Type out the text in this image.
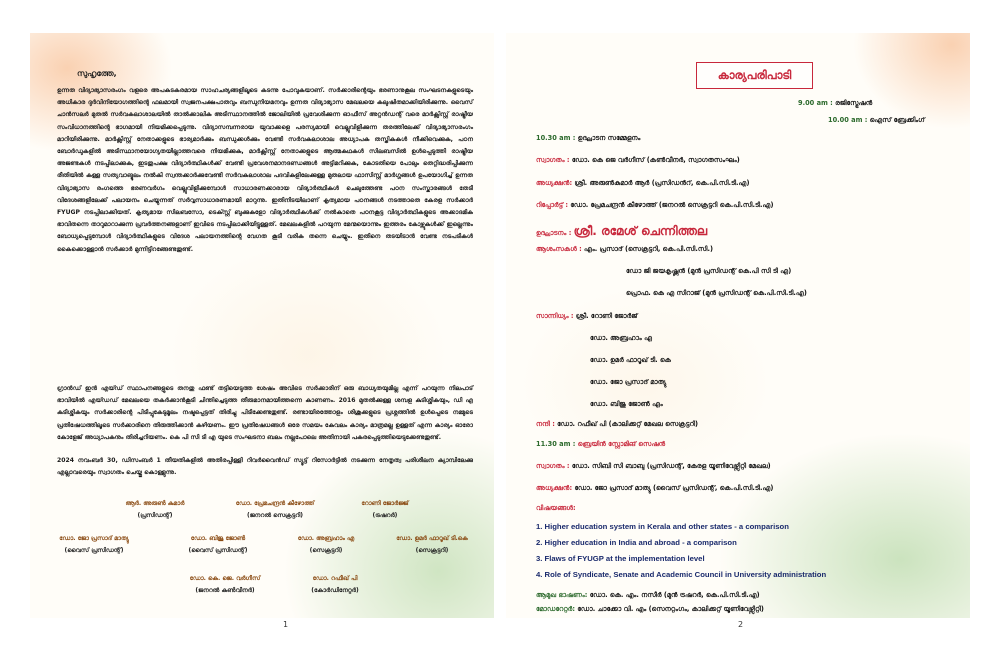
സുഹൃത്തേ,

ഉന്നത വിദ്യാഭ്യാസരംഗം വളരെ അപകടകരമായ സാഹചര്യങ്ങളിലൂടെ കടന്നു പോവുകയാണ്. സർക്കാരിന്റെയും ഭരണാനുകൂല സംഘടനകളുടെയും അധികാര ദുർവിനിയോഗത്തിന്റെ ഫലമായി സ്വജനപക്ഷപാതവും ബന്ധുനിയമനവും ഉന്നത വിദ്യാഭ്യാസ മേഖലയെ കലുഷിതമാക്കിയിരിക്കുന്നു. വൈസ് ചാൻസലർ മുതൽ സർവകലാശാലയിൽ താൽക്കാലിക അടിസ്ഥാനത്തിൽ ജോലിയിൽ പ്രവേശിക്കുന്ന ഓഫീസ് അറ്റൻഡന്റ് വരെ മാർക്സിസ്റ്റ് രാഷ്ട്രീയ സംവിധാനത്തിന്റെ ഭാഗമായി നിയമിക്കപ്പെടുന്നു. വിദ്യാസമ്പന്നരായ യുവാക്കളെ പരസ്യമായി വെല്ലുവിളിക്കുന്ന തരത്തിലേക്ക് വിദ്യാഭ്യാസരംഗം മാറിയിരിക്കുന്നു. മാർക്സിസ്റ്റ് നേതാക്കളുടെ ഭാര്യമാർക്കും ബന്ധുക്കൾക്കും വേണ്ടി സർവകലാശാല അധ്യാപക തസ്തികകൾ നീക്കിവെക്കുക, പഠന ബോർഡുകളിൽ അടിസ്ഥാനയോഗ്യതയില്ലാത്തവരെ നിയമിക്കുക, മാർക്സിസ്റ്റ് നേതാക്കളുടെ ആത്മകഥകൾ സിലബസിൽ ഉൾപ്പെടുത്തി രാഷ്ട്രീയ അജണ്ടകൾ നടപ്പിലാക്കുക, ഇടതുപക്ഷ വിദ്യാർത്ഥികൾക്ക് വേണ്ടി പ്രവേശനമാനദണ്ഡങ്ങൾ അട്ടിമറിക്കുക, കോടതിയെ പോലും തെറ്റിദ്ധരിപ്പിക്കുന്ന രീതിയിൽ കള്ള സത്യവാങ്മൂലം നൽകി സ്വന്തക്കാർക്കുവേണ്ടി സർവകലാശാല പദവികളിലേക്കുള്ള മുതലായ ഫാസിസ്റ്റ് മാർഗ്ഗങ്ങൾ ഉപയോഗിച്ച് ഉന്നത വിദ്യാഭ്യാസ രംഗത്തെ ഭരണവർഗം വെല്ലുവിളിക്കുമ്പോൾ സാധാരണക്കാരായ വിദ്യാർത്ഥികൾ ചെലുത്തേണ്ട പഠന സംസ്കാരങ്ങൾ തേടി വിദേശങ്ങളിലേക്ക് പലായനം ചെയ്യുന്നത് സർവ്വസാധാരണമായി മാറുന്നു. ഇതിനിടയിലാണ് കൃത്യമായ പഠനങ്ങൾ നടത്താതെ കേരള സർക്കാർ FYUGP നടപ്പിലാക്കിയത്. കൃത്യമായ സിലബസോ, ടെക്സ്റ്റ് ബുക്കുകളോ വിദ്യാർത്ഥികൾക്ക് നൽകാതെ പഠനകൂട്ട വിദ്യാർത്ഥികളുടെ അക്കാദമിക ഭാവിതന്നെ താറുമാറാക്കുന്ന പ്രവർത്തനങ്ങളാണ് ഇവിടെ നടപ്പിലാക്കിയിട്ടുള്ളത്. മേഖലകളിൽ പറയുന്ന മേന്മയൊന്നും ഇത്തരം കോഴ്സുകൾക്ക് ഇല്ലെന്നും ബോധ്യപ്പെടുമ്പോൾ വിദ്യാർത്ഥികളുടെ വിദേശ പലായനത്തിന്റെ വേഗത കൂടി വരിക തന്നെ ചെയ്യും. ഇതിനെ തടയിടാൻ വേണ്ട നടപടികൾ കൈക്കൊള്ളാൻ സർക്കാർ മുന്നിട്ടിറങ്ങേണ്ടതുണ്ട്.

ഗ്രാൻഡ് ഇൻ എയ്ഡ് സ്ഥാപനങ്ങളുടെ തനതു ഫണ്ട് തട്ടിയെടുത്ത ശേഷം അവിടെ സർക്കാരിന് ഒരു ബാധ്യതയുമില്ല എന്ന് പറയുന്ന നിലപാട് ഭാവിയിൽ എയ്ഡഡ് മേഖലയെ തകർക്കാൻകൂടി ചിന്തിച്ചെടുത്ത തീരുമാനമായിത്തന്നെ കാണണം. 2016 മുതൽക്കുള്ള ശമ്പള കുടിശ്ശികയും, ഡി എ കുടിശ്ശികയും സർക്കാരിന്റെ പിടിപ്പുകേടുമൂലം നഷ്ടപ്പെട്ടത് തിരിച്ചു പിടിക്കേണ്ടതുണ്ട്. രണ്ടായിരത്തോളം ശിശുക്കളുടെ പ്രശ്നത്തിൽ ഉൾപ്പെടെ നമ്മുടെ പ്രതിഷേധത്തിലൂടെ സർക്കാരിനെ തിരുത്തിക്കാൻ കഴിയണം. ഈ പ്രതിഷേധങ്ങൾ ഒരേ സമയം കേവലം കാര്യം മാത്രമല്ല ഉള്ളത് എന്ന കാര്യം ഓരോ കോളേജ് അധ്യാപകനും തിരിച്ചറിയണം. കെ പി സി ടി എ യുടെ സംഘടനാ ബലം നല്ലപോലെ അതിനായി പകരപ്പെടുത്തിയെടുക്കേണ്ടതുണ്ട്.

2024 നവംബർ 30, ഡിസംബർ 1 തീയതികളിൽ അതിരപ്പിള്ളി റിവർവൈൻഡ് സ്യൂട്ട് റിസോർട്ടിൽ നടക്കുന്ന നേതൃത്വ പരിശീലന ക്യാമ്പിലേക്കു എല്ലാവരെയും സ്വാഗതം ചെയ്തു കൊള്ളുന്നു.

ആർ. അരുൺ കുമാർ
(പ്രസിഡന്റ്)
ഡോ. പ്രേമചന്ദ്രൻ കീഴോത്ത്
(ജനറൽ സെക്രട്ടറി)
റോണി ജോർജ്ജ്
(ട്രഷറർ)
ഡോ. ജോ പ്രസാദ് മാത്യു
(വൈസ് പ്രസിഡന്റ്)
ഡോ. ബിജു ജോൺ
(വൈസ് പ്രസിഡന്റ്)
ഡോ. അബ്രഹാം എ
(സെക്രട്ടറി)
ഡോ. ഉമർ ഫാറൂഖ് ടി.കെ
(സെക്രട്ടറി)
ഡോ. കെ. ജെ. വർഗീസ്
(ജനറൽ കൺവീനർ)
ഡോ. റഫീഖ് പി
(കോർഡിനേറ്റർ)
1
കാര്യപരിപാടി
9.00 am : രജിസ്ട്രേഷൻ
10.00 am : ഐസ് ബ്രേക്കിംഗ്
10.30 am : ഉദ്ഘാടന സമ്മേളനം
സ്വാഗതം : ഡോ. കെ ജെ വർഗീസ് (കൺവീനർ, സ്വാഗതസംഘം)
അധ്യക്ഷൻ: ശ്രീ. അരുൺകുമാർ ആർ (പ്രസിഡൻറ്, കെ.പി.സി.ടി.എ)
റിപ്പോർട്ട് : ഡോ. പ്രേമചന്ദ്രൻ കീഴോത്ത് (ജനറൽ സെക്രട്ടറി കെ.പി.സി.ടി.എ)
ഉദ്ഘാടനം : ശ്രീ. രമേശ് ചെന്നിത്തല
ആശംസകൾ : എം. പ്രസാദ് (സെക്രട്ടറി, കെ.പി.സി.സി.)
ഡോ ജി ജയകൃഷ്ണൻ (മുൻ പ്രസിഡന്റ് കെ.പി സി ടി എ)
പ്രൊഫ. കെ എ സിറാജ് (മുൻ പ്രസിഡന്റ് കെ.പി.സി.ടി.എ)
സാന്നിധ്യം : ശ്രീ. റോണി ജോർജ്
ഡോ. അബ്രഹാം എ
ഡോ. ഉമർ ഫാറൂഖ് ടി. കെ
ഡോ. ജോ പ്രസാദ് മാത്യു
ഡോ. ബിജു ജോൺ എം
നന്ദി : ഡോ. റഫീഖ് പി (കാലിക്കറ്റ് മേഖല സെക്രട്ടറി)
11.30 am : ബ്രെയിൻ സ്റ്റോമിങ് സെഷൻ
സ്വാഗതം : ഡോ. സിബി സി ബാബു (പ്രസിഡന്റ്, കേരള യൂണിവേഴ്സിറ്റി മേഖല)
അധ്യക്ഷൻ: ഡോ. ജോ പ്രസാദ് മാത്യു (വൈസ് പ്രസിഡന്റ്, കെ.പി.സി.ടി.എ)
വിഷയങ്ങൾ:
1. Higher education system in Kerala and other states - a comparison
2. Higher education in India and abroad - a comparison
3. Flaws of FYUGP at the implementation level
4. Role of Syndicate, Senate and Academic Council in University administration
ആമുഖ ഭാഷണം: ഡോ. കെ. എം. നസീർ (മുൻ ട്രഷറർ, കെ.പി.സി.ടി.എ)
മോഡറേറ്റർ: ഡോ. ചാക്കോ വി. എം (സെനറ്റംഗം, കാലിക്കറ്റ് യൂണിവേഴ്സിറ്റി)
2
